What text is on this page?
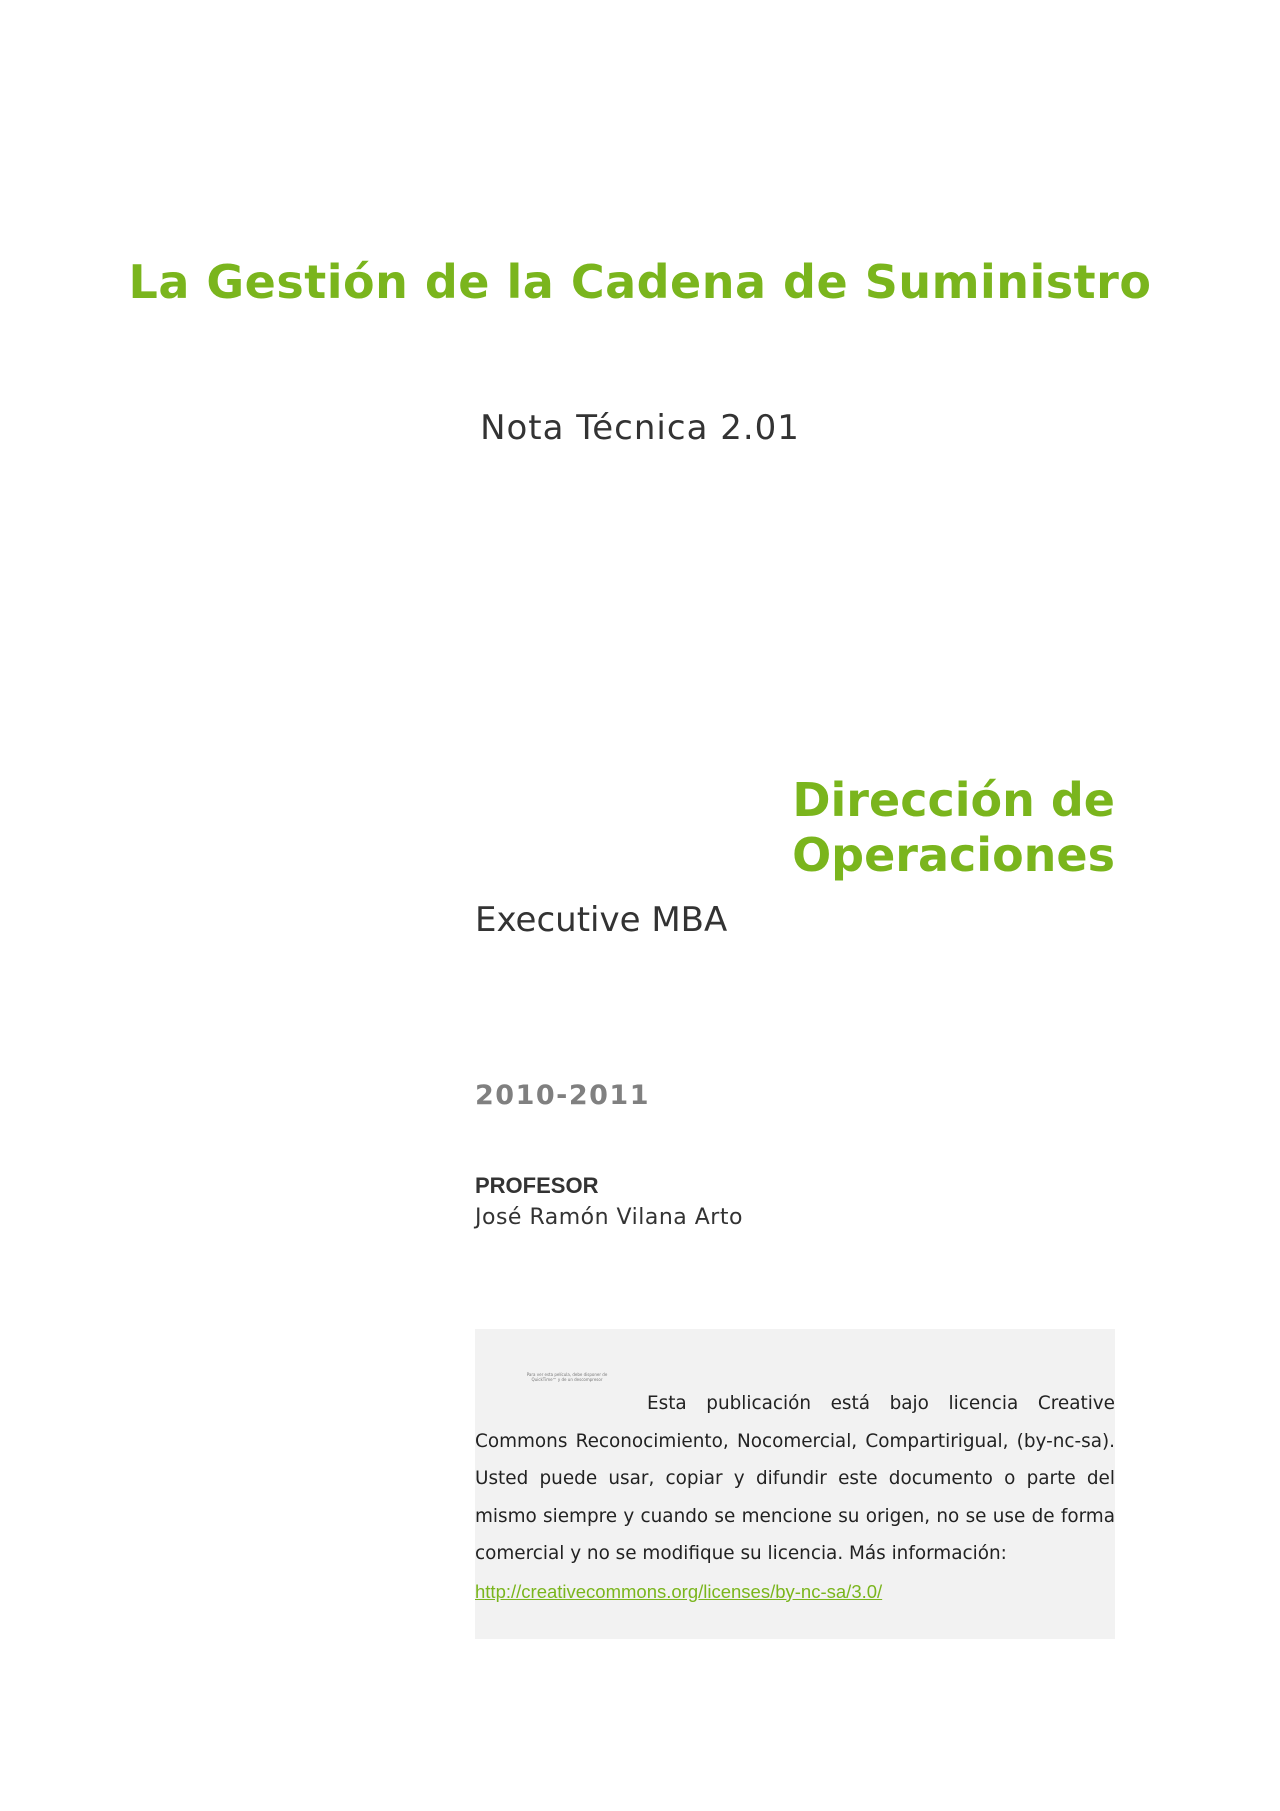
La Gestión de la Cadena de Suministro
Nota Técnica 2.01
Dirección de Operaciones
Executive MBA
2010-2011
PROFESOR
José Ramón Vilana Arto
Para ver esta película, debe disponer de QuickTime™ y de un descompresor

Esta publicación está bajo licencia Creative Commons Reconocimiento, Nocomercial, Compartirigual, (by-nc-sa). Usted puede usar, copiar y difundir este documento o parte del mismo siempre y cuando se mencione su origen, no se use de forma comercial y no se modifique su licencia. Más información:
http://creativecommons.org/licenses/by-nc-sa/3.0/
